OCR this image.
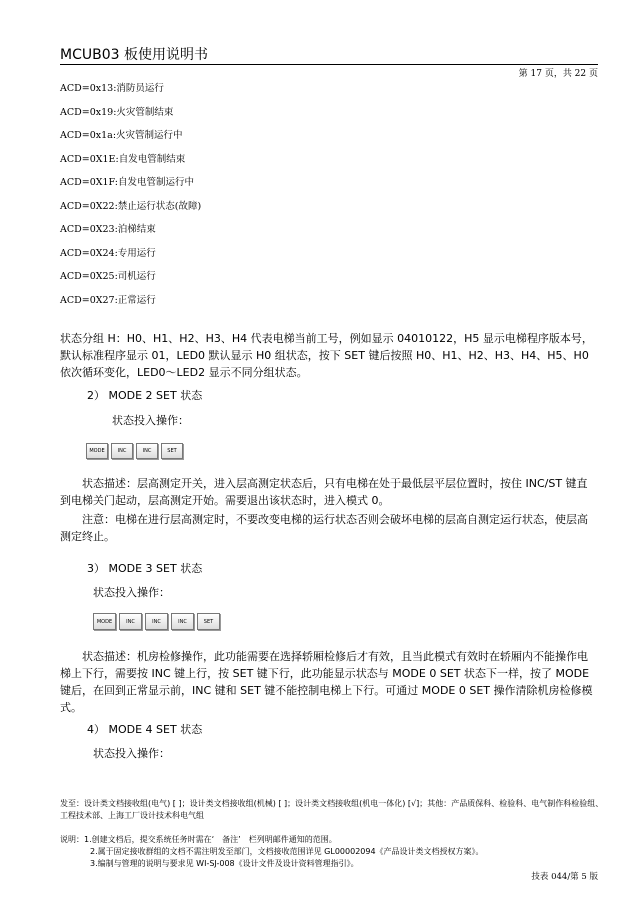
MCUB03 板使用说明书
第 17 页，共 22 页
ACD=0x13:消防员运行
ACD=0x19:火灾管制结束
ACD=0x1a:火灾管制运行中
ACD=0X1E:自发电管制结束
ACD=0X1F:自发电管制运行中
ACD=0X22:禁止运行状态(故障)
ACD=0X23:泊梯结束
ACD=0X24:专用运行
ACD=0X25:司机运行
ACD=0X27:正常运行
状态分组 H：H0、H1、H2、H3、H4 代表电梯当前工号，例如显示 04010122，H5 显示电梯程序版本号，默认标准程序显示 01，LED0 默认显示 H0 组状态，按下 SET 键后按照 H0、H1、H2、H3、H4、H5、H0 依次循环变化，LED0～LED2 显示不同分组状态。
2） MODE 2 SET 状态
状态投入操作：
MODE	INC	INC	SET
状态描述：层高测定开关，进入层高测定状态后，只有电梯在处于最低层平层位置时，按住 INC/ST 键直到电梯关门起动，层高测定开始。需要退出该状态时，进入模式 0。
注意：电梯在进行层高测定时，不要改变电梯的运行状态否则会破坏电梯的层高自测定运行状态，使层高测定终止。
3） MODE 3 SET 状态
状态投入操作：
MODE	INC	INC	INC	SET
状态描述：机房检修操作，此功能需要在选择轿厢检修后才有效，且当此模式有效时在轿厢内不能操作电梯上下行，需要按 INC 键上行，按 SET 键下行，此功能显示状态与 MODE 0 SET 状态下一样，按了 MODE 键后，在回到正常显示前，INC 键和 SET 键不能控制电梯上下行。可通过 MODE 0 SET 操作清除机房检修模式。
4） MODE 4 SET 状态
状态投入操作：
发至：设计类文档接收组(电气) [ ]；设计类文档接收组(机械) [ ]；设计类文档接收组(机电一体化) [√]；其他：产品质保科、检验科、电气制作科检验组、工程技术部、上海工厂设计技术科电气组
说明：1.创建文档后，提交系统任务时需在‘　备注’　栏列明邮件通知的范围。
2.属于固定接收群组的文档不需注明发至部门，文档接收范围详见 GL00002094《产品设计类文档授权方案》。
3.编制与管理的说明与要求见 WI-SJ-008《设计文件及设计资料管理指引》。
技表 044/第 5 版
